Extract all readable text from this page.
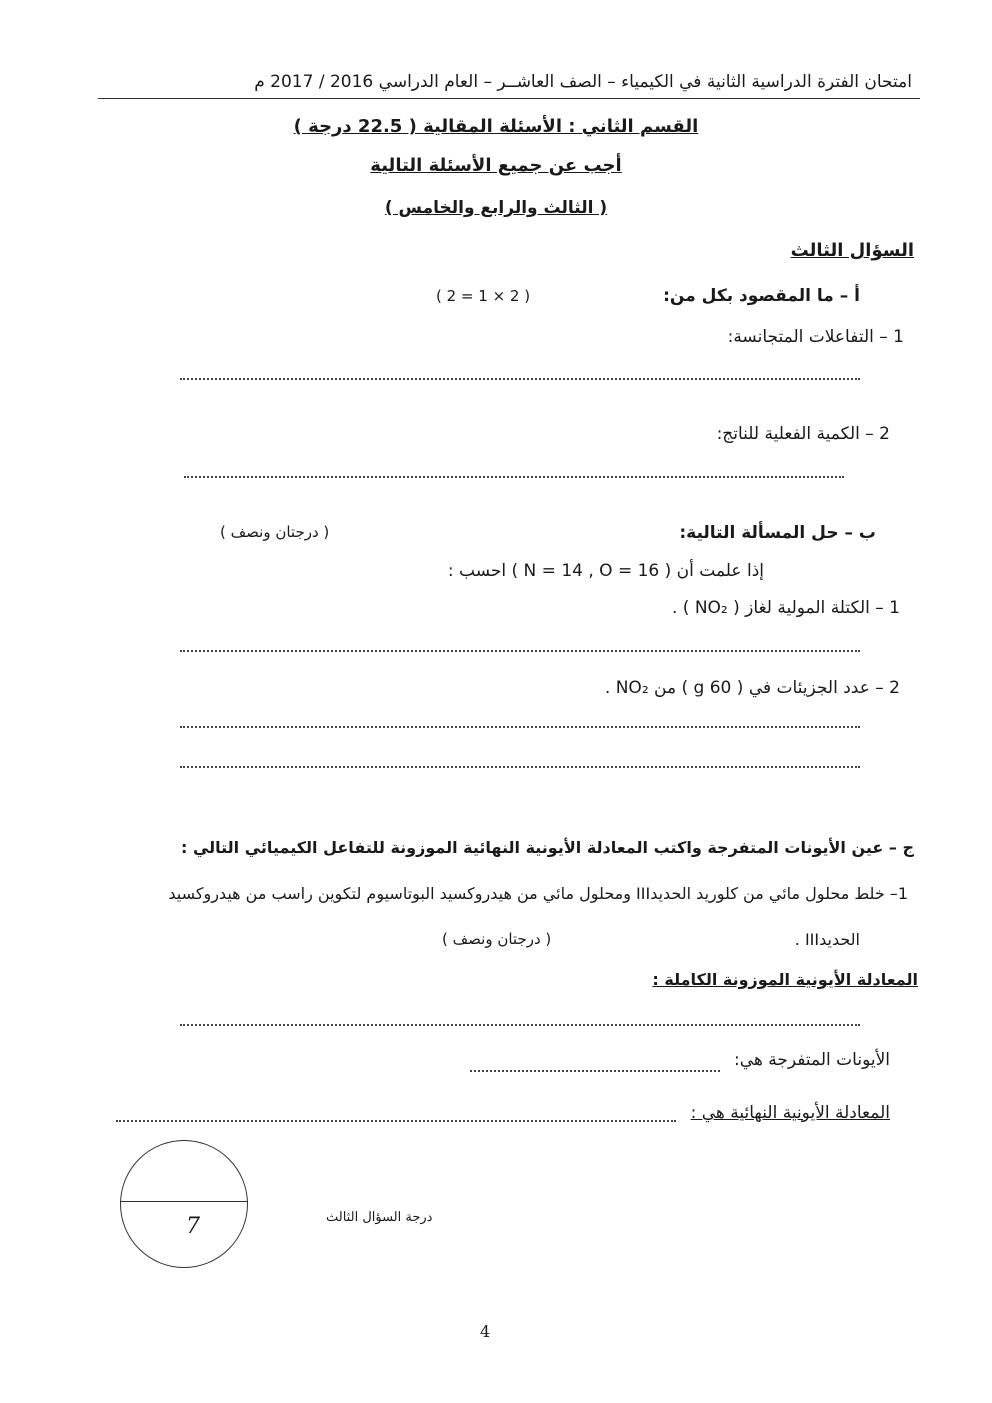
امتحان الفترة الدراسية الثانية في الكيمياء – الصف العاشــر – العام الدراسي 2016 / 2017 م
القسم الثاني : الأسئلة المقالية ( 22.5 درجة )
أجب عن جميع الأسئلة التالية
( الثالث والرابع والخامس )
السؤال الثالث
أ – ما المقصود بكل من:
( 2 = 1 × 2 )
1 – التفاعلات المتجانسة:
2 – الكمية الفعلية للناتج:
ب – حل المسألة التالية:
( درجتان ونصف )
إذا علمت أن ( N = 14 , O = 16 ) احسب :
1 – الكتلة المولية لغاز ( NO₂ ) .
2 – عدد الجزيئات في ( 60 g ) من NO₂ .
ج – عين الأيونات المتفرجة واكتب المعادلة الأيونية النهائية الموزونة للتفاعل الكيميائي التالي :
1– خلط محلول مائي من كلوريد الحديدIII ومحلول مائي من هيدروكسيد البوتاسيوم لتكوين راسب من هيدروكسيد
الحديدIII .
( درجتان ونصف )
المعادلة الأيونية الموزونة الكاملة :
الأيونات المتفرجة هي:
المعادلة الأيونية النهائية هي :
7	درجة السؤال الثالث
4
